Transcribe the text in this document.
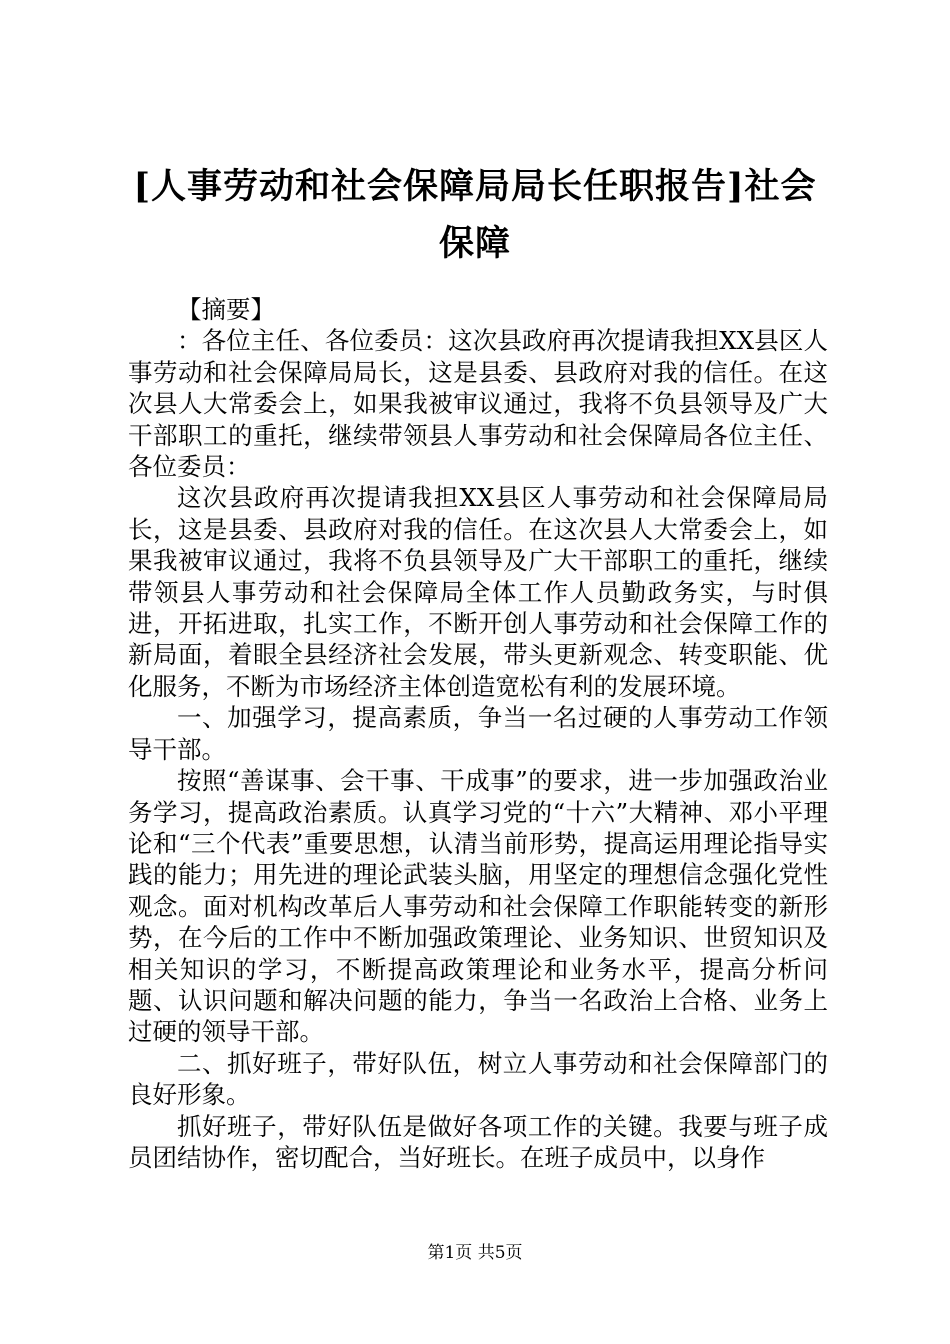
[人事劳动和社会保障局局长任职报告]社会保障

【摘要】

：各位主任、各位委员：这次县政府再次提请我担XX县区人事劳动和社会保障局局长，这是县委、县政府对我的信任。在这次县人大常委会上，如果我被审议通过，我将不负县领导及广大干部职工的重托，继续带领县人事劳动和社会保障局各位主任、各位委员：

这次县政府再次提请我担XX县区人事劳动和社会保障局局长，这是县委、县政府对我的信任。在这次县人大常委会上，如果我被审议通过，我将不负县领导及广大干部职工的重托，继续带领县人事劳动和社会保障局全体工作人员勤政务实，与时俱进，开拓进取，扎实工作，不断开创人事劳动和社会保障工作的新局面，着眼全县经济社会发展，带头更新观念、转变职能、优化服务，不断为市场经济主体创造宽松有利的发展环境。

一、加强学习，提高素质，争当一名过硬的人事劳动工作领导干部。

按照“善谋事、会干事、干成事”的要求，进一步加强政治业务学习，提高政治素质。认真学习党的“十六”大精神、邓小平理论和“三个代表”重要思想，认清当前形势，提高运用理论指导实践的能力；用先进的理论武装头脑，用坚定的理想信念强化党性观念。面对机构改革后人事劳动和社会保障工作职能转变的新形势，在今后的工作中不断加强政策理论、业务知识、世贸知识及相关知识的学习，不断提高政策理论和业务水平，提高分析问题、认识问题和解决问题的能力，争当一名政治上合格、业务上过硬的领导干部。

二、抓好班子，带好队伍，树立人事劳动和社会保障部门的良好形象。

抓好班子，带好队伍是做好各项工作的关键。我要与班子成员团结协作，密切配合，当好班长。在班子成员中，以身作

第1页 共5页
